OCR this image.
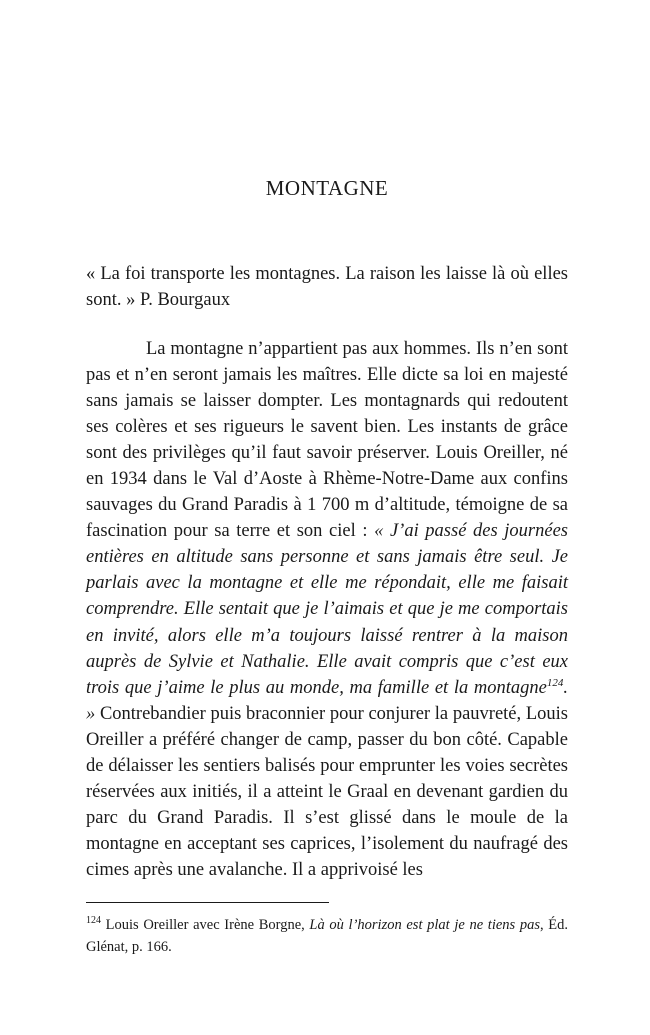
MONTAGNE

« La foi transporte les montagnes. La raison les laisse là où elles sont. » P. Bourgaux

La montagne n’appartient pas aux hommes. Ils n’en sont pas et n’en seront jamais les maîtres. Elle dicte sa loi en majesté sans jamais se laisser dompter. Les montagnards qui redoutent ses colères et ses rigueurs le savent bien. Les instants de grâce sont des privilèges qu’il faut savoir préserver. Louis Oreiller, né en 1934 dans le Val d’Aoste à Rhème-Notre-Dame aux confins sauvages du Grand Paradis à 1 700 m d’altitude, témoigne de sa fascination pour sa terre et son ciel : « J’ai passé des journées entières en altitude sans personne et sans jamais être seul. Je parlais avec la montagne et elle me répondait, elle me faisait comprendre. Elle sentait que je l’aimais et que je me comportais en invité, alors elle m’a toujours laissé rentrer à la maison auprès de Sylvie et Nathalie. Elle avait compris que c’est eux trois que j’aime le plus au monde, ma famille et la montagne$^{124}$. » Contrebandier puis braconnier pour conjurer la pauvreté, Louis Oreiller a préféré changer de camp, passer du bon côté. Capable de délaisser les sentiers balisés pour emprunter les voies secrètes réservées aux initiés, il a atteint le Graal en devenant gardien du parc du Grand Paradis. Il s’est glissé dans le moule de la montagne en acceptant ses caprices, l’isolement du naufragé des cimes après une avalanche. Il a apprivoisé les

$^{124}$ Louis Oreiller avec Irène Borgne, Là où l’horizon est plat je ne tiens pas, Éd. Glénat, p. 166.
